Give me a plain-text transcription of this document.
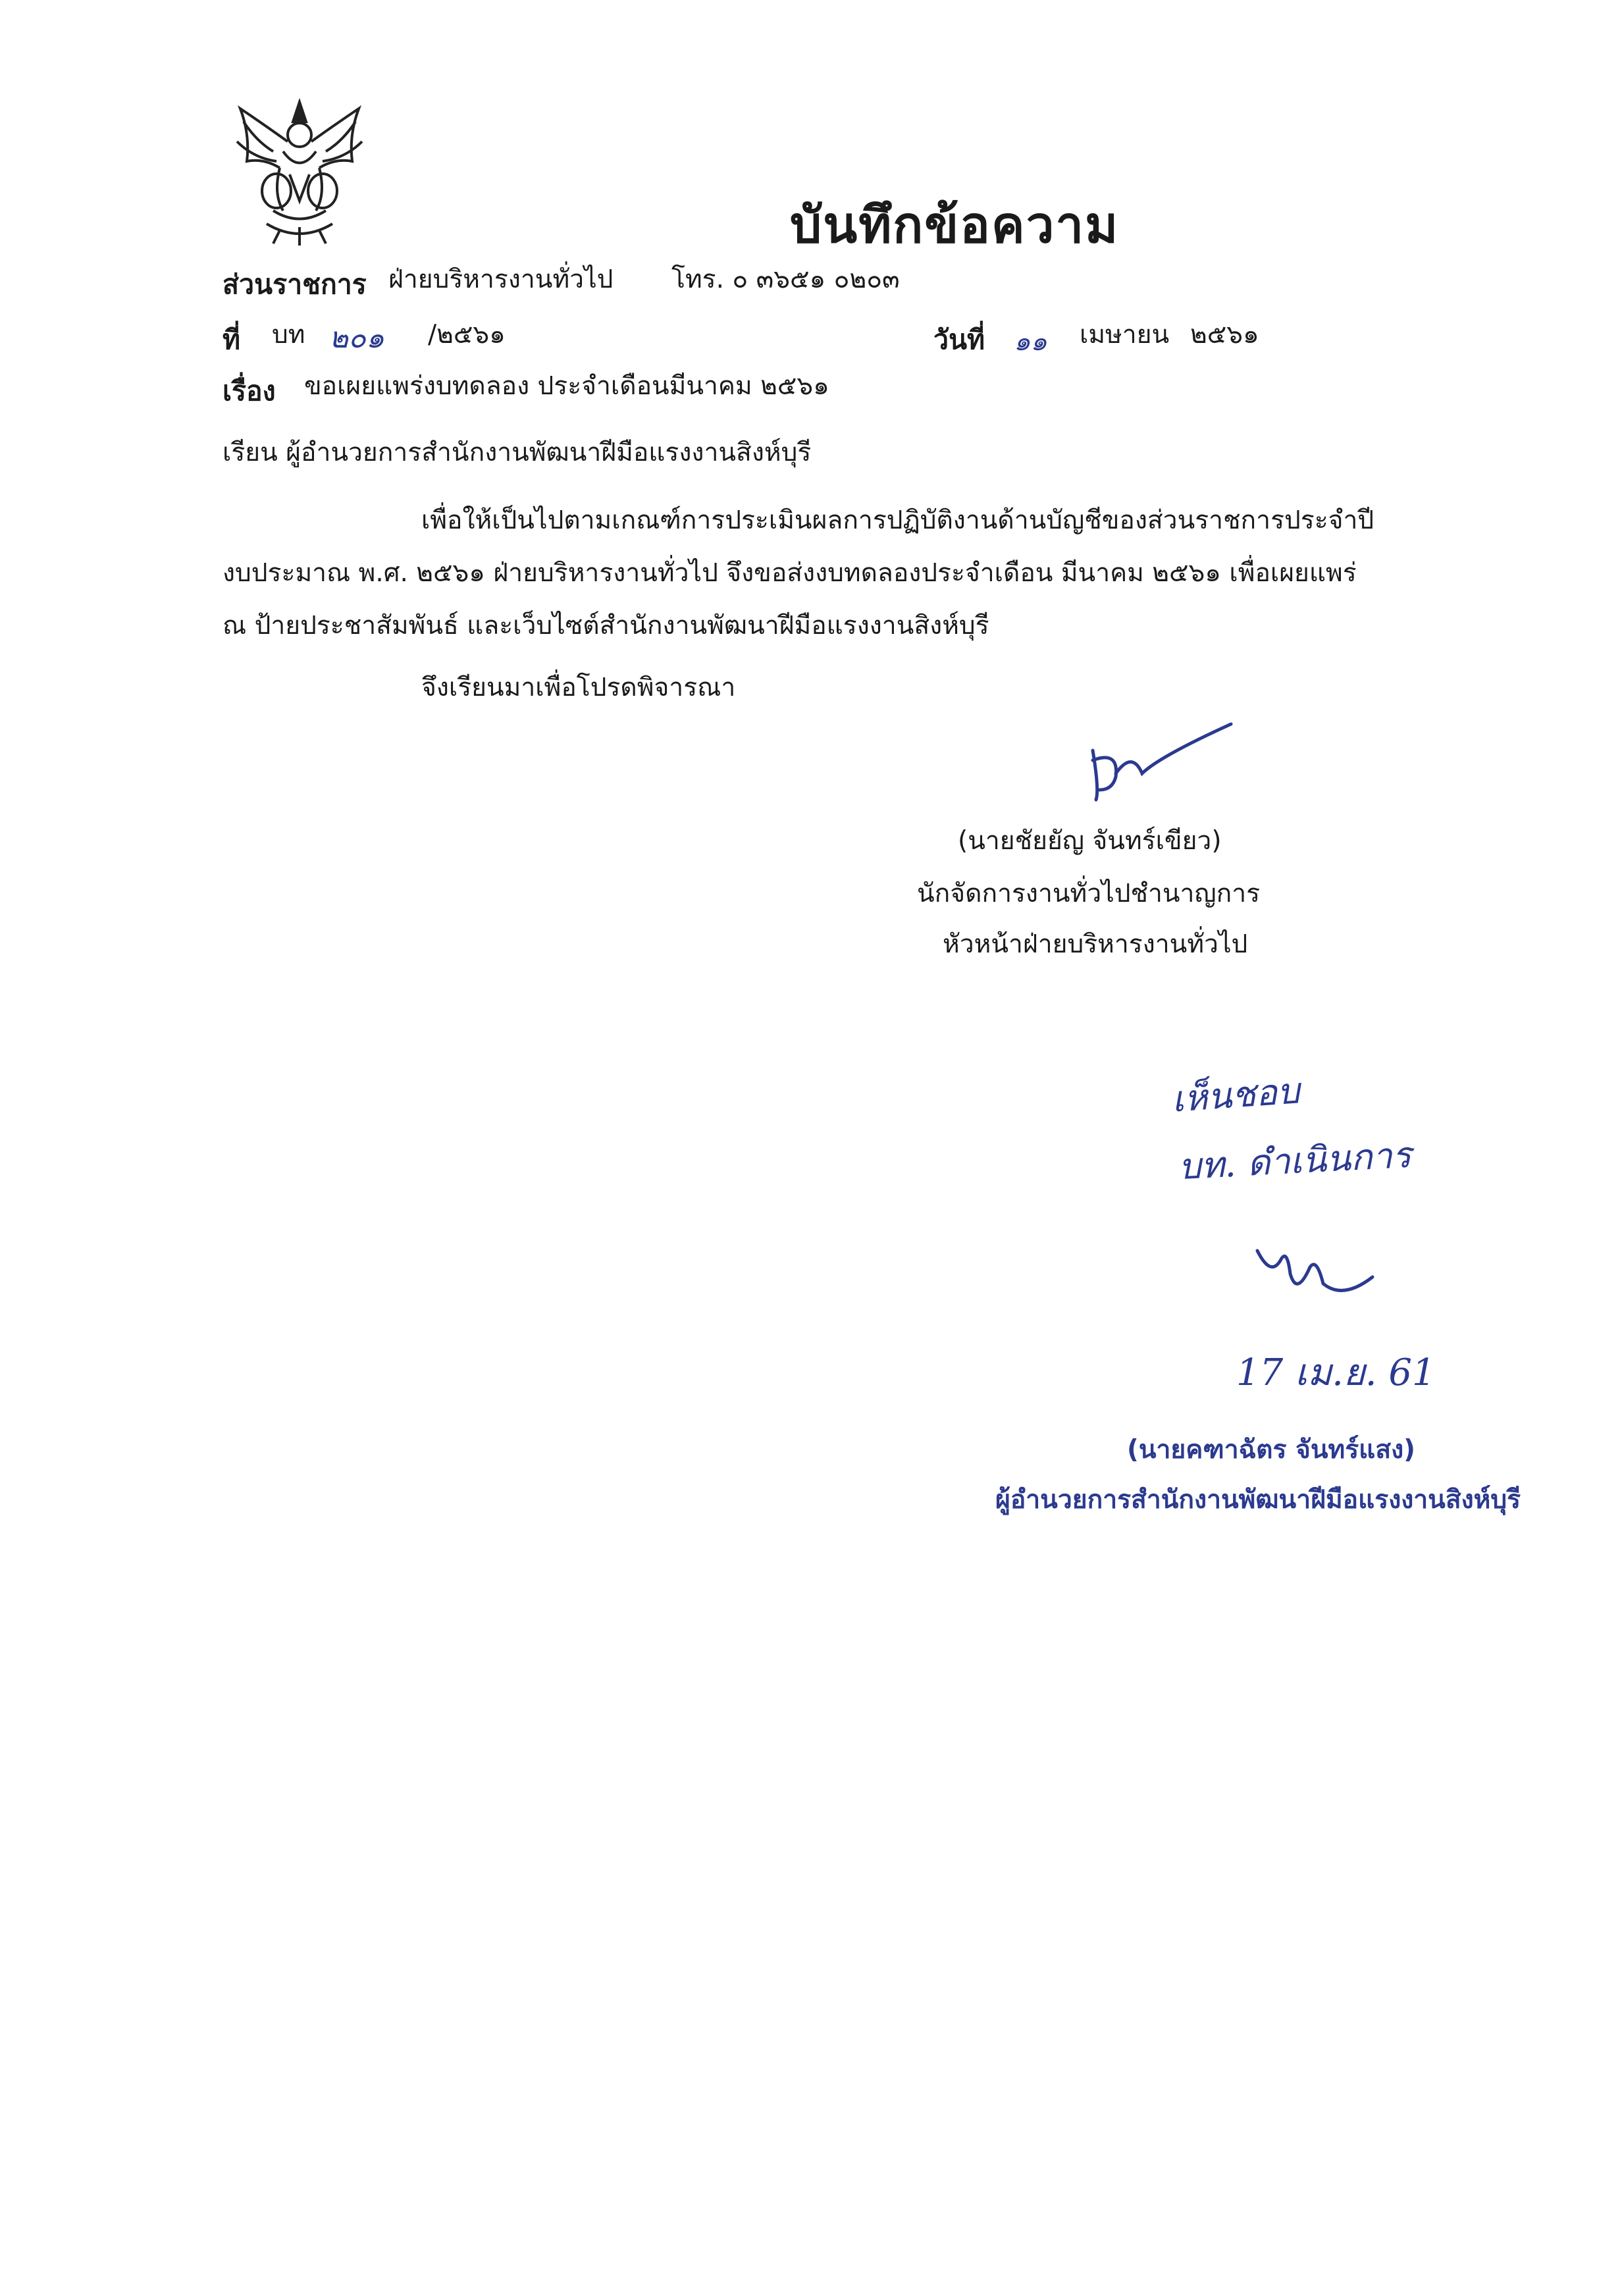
บันทึกข้อความ
ส่วนราชการ ฝ่ายบริหารงานทั่วไป โทร. ๐ ๓๖๕๑ ๐๒๐๓
ที่ บท ๒๐๑ /๒๕๖๑	วันที่ ๑๑ เมษายน ๒๕๖๑
เรื่อง ขอเผยแพร่งบทดลอง ประจำเดือนมีนาคม ๒๕๖๑
เรียน ผู้อำนวยการสำนักงานพัฒนาฝีมือแรงงานสิงห์บุรี
เพื่อให้เป็นไปตามเกณฑ์การประเมินผลการปฏิบัติงานด้านบัญชีของส่วนราชการประจำปี
งบประมาณ พ.ศ. ๒๕๖๑ ฝ่ายบริหารงานทั่วไป จึงขอส่งงบทดลองประจำเดือน มีนาคม ๒๕๖๑ เพื่อเผยแพร่
ณ ป้ายประชาสัมพันธ์ และเว็บไซต์สำนักงานพัฒนาฝีมือแรงงานสิงห์บุรี
จึงเรียนมาเพื่อโปรดพิจารณา
(นายชัยยัญ จันทร์เขียว)
นักจัดการงานทั่วไปชำนาญการ
หัวหน้าฝ่ายบริหารงานทั่วไป
เห็นชอบ
บท. ดำเนินการ
17 เม.ย. 61
(นายคฑาฉัตร จันทร์แสง)
ผู้อำนวยการสำนักงานพัฒนาฝีมือแรงงานสิงห์บุรี
